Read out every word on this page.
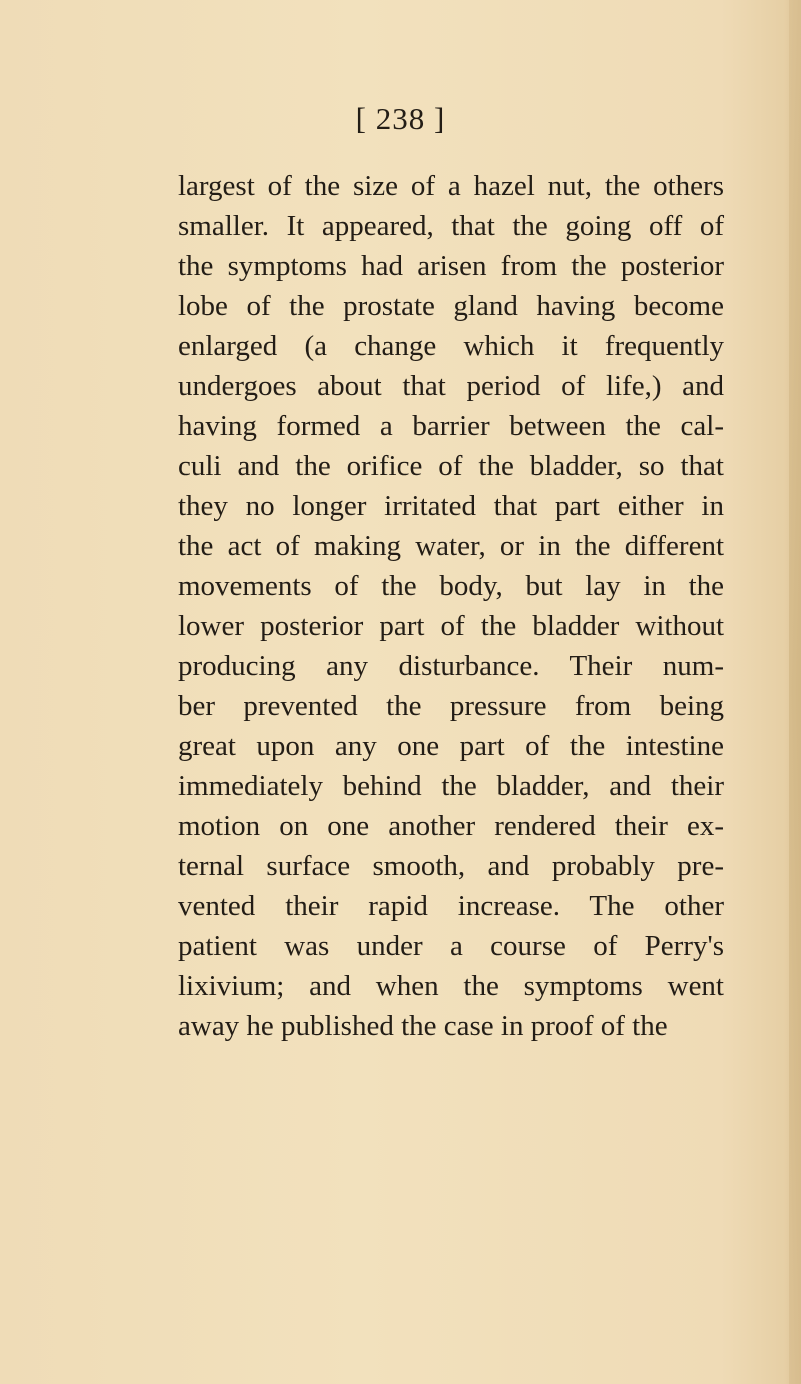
[ 238 ]
largest of the size of a hazel nut, the others
smaller. It appeared, that the going off of
the symptoms had arisen from the posterior
lobe of the prostate gland having become
enlarged (a change which it frequently
undergoes about that period of life,) and
having formed a barrier between the cal-
culi and the orifice of the bladder, so that
they no longer irritated that part either in
the act of making water, or in the different
movements of the body, but lay in the
lower posterior part of the bladder without
producing any disturbance. Their num-
ber prevented the pressure from being
great upon any one part of the intestine
immediately behind the bladder, and their
motion on one another rendered their ex-
ternal surface smooth, and probably pre-
vented their rapid increase. The other
patient was under a course of Perry's
lixivium; and when the symptoms went
away he published the case in proof of the
